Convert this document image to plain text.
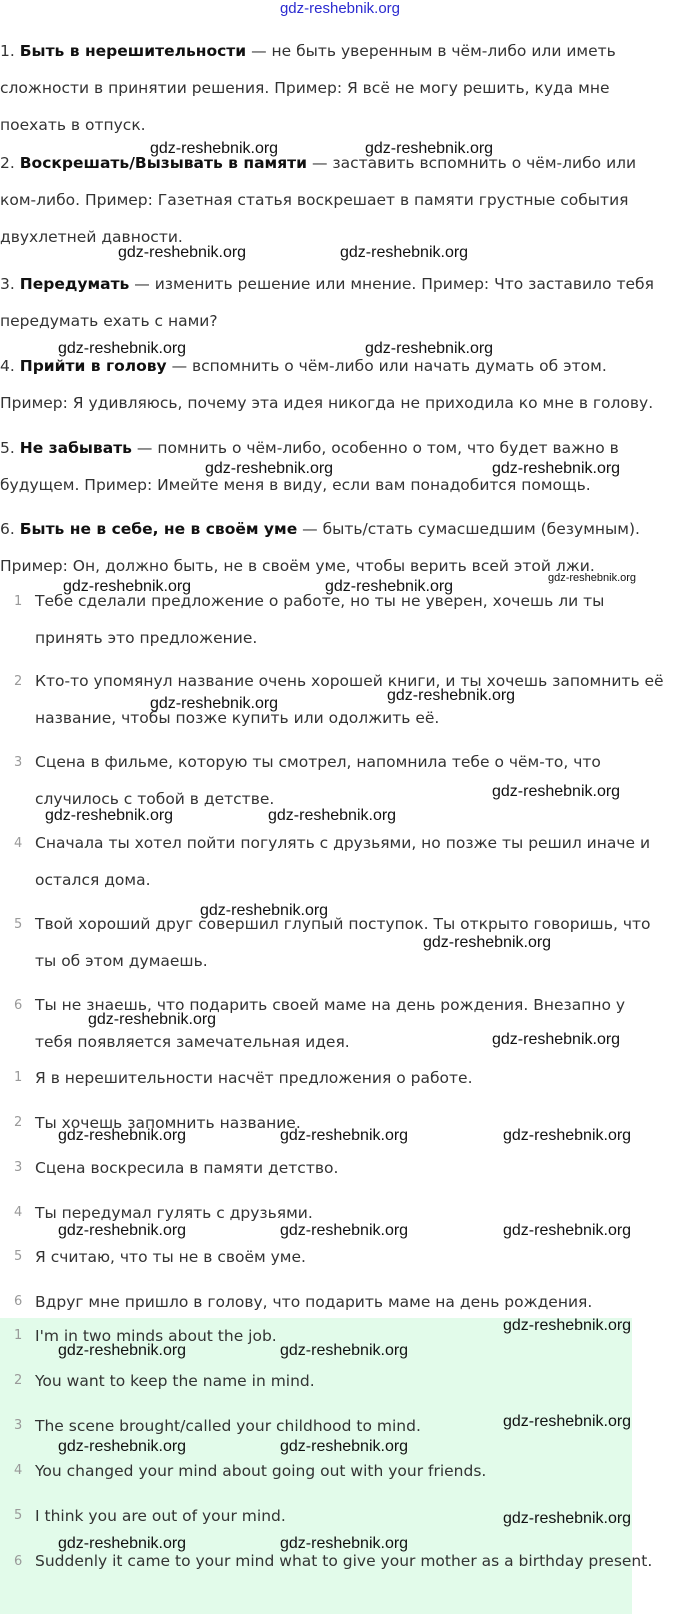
gdz-reshebnik.org

1. Быть в нерешительности — не быть уверенным в чём-либо или иметь сложности в принятии решения. Пример: Я всё не могу решить, куда мне поехать в отпуск.

2. Воскрешать/Вызывать в памяти — заставить вспомнить о чём-либо или ком-либо. Пример: Газетная статья воскрешает в памяти грустные события двухлетней давности.

3. Передумать — изменить решение или мнение. Пример: Что заставило тебя передумать ехать с нами?

4. Прийти в голову — вспомнить о чём-либо или начать думать об этом. Пример: Я удивляюсь, почему эта идея никогда не приходила ко мне в голову.

5. Не забывать — помнить о чём-либо, особенно о том, что будет важно в будущем. Пример: Имейте меня в виду, если вам понадобится помощь.

6. Быть не в себе, не в своём уме — быть/стать сумасшедшим (безумным). Пример: Он, должно быть, не в своём уме, чтобы верить всей этой лжи.

1 Тебе сделали предложение о работе, но ты не уверен, хочешь ли ты принять это предложение.
2 Кто-то упомянул название очень хорошей книги, и ты хочешь запомнить её название, чтобы позже купить или одолжить её.
3 Сцена в фильме, которую ты смотрел, напомнила тебе о чём-то, что случилось с тобой в детстве.
4 Сначала ты хотел пойти погулять с друзьями, но позже ты решил иначе и остался дома.
5 Твой хороший друг совершил глупый поступок. Ты открыто говоришь, что ты об этом думаешь.
6 Ты не знаешь, что подарить своей маме на день рождения. Внезапно у тебя появляется замечательная идея.
1 Я в нерешительности насчёт предложения о работе.
2 Ты хочешь запомнить название.
3 Сцена воскресила в памяти детство.
4 Ты передумал гулять с друзьями.
5 Я считаю, что ты не в своём уме.
6 Вдруг мне пришло в голову, что подарить маме на день рождения.
1 I'm in two minds about the job.
2 You want to keep the name in mind.
3 The scene brought/called your childhood to mind.
4 You changed your mind about going out with your friends.
5 I think you are out of your mind.
6 Suddenly it came to your mind what to give your mother as a birthday present.
gdz-reshebnik.org	gdz-reshebnik.org
gdz-reshebnik.org	gdz-reshebnik.org
gdz-reshebnik.org	gdz-reshebnik.org
gdz-reshebnik.org	gdz-reshebnik.org
gdz-reshebnik.org
gdz-reshebnik.org	gdz-reshebnik.org
gdz-reshebnik.org	gdz-reshebnik.org
gdz-reshebnik.org
gdz-reshebnik.org	gdz-reshebnik.org
gdz-reshebnik.org
gdz-reshebnik.org
gdz-reshebnik.org
gdz-reshebnik.org
gdz-reshebnik.org	gdz-reshebnik.org	gdz-reshebnik.org
gdz-reshebnik.org	gdz-reshebnik.org	gdz-reshebnik.org
gdz-reshebnik.org
gdz-reshebnik.org	gdz-reshebnik.org
gdz-reshebnik.org
gdz-reshebnik.org	gdz-reshebnik.org
gdz-reshebnik.org
gdz-reshebnik.org	gdz-reshebnik.org
